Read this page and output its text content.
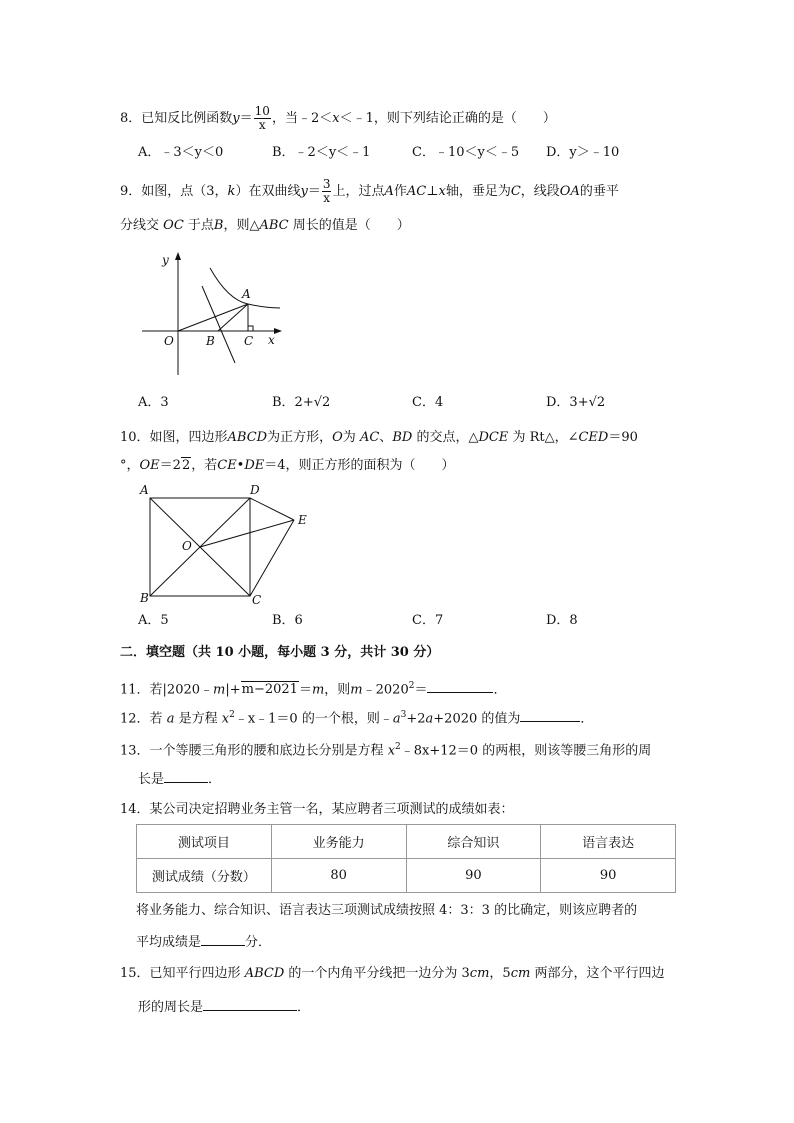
8．已知反比例函数$y= \frac{10}{x}$ ，当﹣2＜x＜﹣1，则下列结论正确的是（　　）
A．﹣3＜y＜0	B．﹣2＜y＜﹣1	C．﹣10＜y＜﹣5 D．y＞﹣10
9．如图，点（3，k）在双曲线$y= \frac{3}{x}$ 上，过点A作AC⊥x轴，垂足为C，线段OA的垂平
分线交 OC 于点B，则△ABC 周长的值是（　　）
y
x
O	B C
A
A．3	B．2+√2	C．4	D．3+√2
10．如图，四边形ABCD为正方形，O为 AC、BD 的交点，△DCE 为 Rt△，∠CED＝90
°，OE＝22，若CE•DE＝4，则正方形的面积为（　　）
A	D
E
O
B	C
A．5	B．6	C．7	D．8
二．填空题（共 10 小题，每小题 3 分，共计 30 分）
11．若|2020﹣m|+m−2021＝m，则$m﹣2020^2=$	．
12．若 a 是方程 $x^2﹣x﹣1=0$ 的一个根，则$﹣a^3+2a+2020$ 的值为	．
13．一个等腰三角形的腰和底边长分别是方程 $x^2﹣8x+12=0$ 的两根，则该等腰三角形的周
长是	．
14．某公司决定招聘业务主管一名，某应聘者三项测试的成绩如表：
测试项目	业务能力	综合知识	语言表达
测试成绩（分数）	80	90	90
将业务能力、综合知识、语言表达三项测试成绩按照 4：3：3 的比确定，则该应聘者的
平均成绩是	分．
15．已知平行四边形 ABCD 的一个内角平分线把一边分为 3cm，5cm 两部分，这个平行四边
形的周长是	．
